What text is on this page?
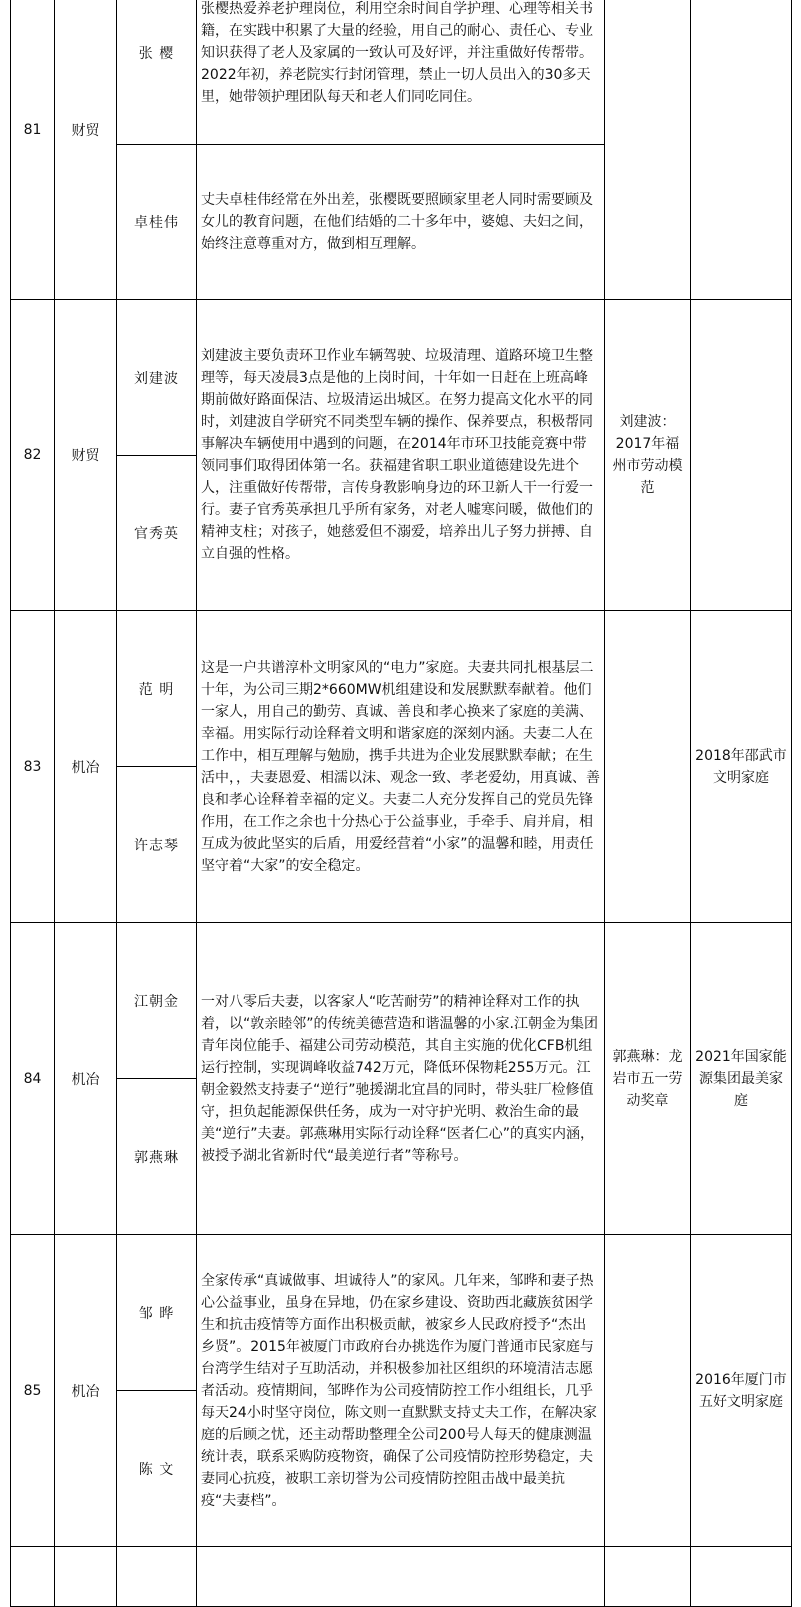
81	财贸	张 樱	张樱热爱养老护理岗位，利用空余时间自学护理、心理等相关书籍，在实践中积累了大量的经验，用自己的耐心、责任心、专业知识获得了老人及家属的一致认可及好评，并注重做好传帮带。2022年初，养老院实行封闭管理，禁止一切人员出入的30多天里，她带领护理团队每天和老人们同吃同住。		
		卓桂伟	丈夫卓桂伟经常在外出差，张樱既要照顾家里老人同时需要顾及女儿的教育问题，在他们结婚的二十多年中，婆媳、夫妇之间，始终注意尊重对方，做到相互理解。		
82	财贸	刘建波	刘建波主要负责环卫作业车辆驾驶、垃圾清理、道路环境卫生整理等，每天凌晨3点是他的上岗时间，十年如一日赶在上班高峰期前做好路面保洁、垃圾清运出城区。在努力提高文化水平的同时，刘建波自学研究不同类型车辆的操作、保养要点，积极帮同事解决车辆使用中遇到的问题，在2014年市环卫技能竞赛中带领同事们取得团体第一名。获福建省职工职业道德建设先进个人，注重做好传帮带，言传身教影响身边的环卫新人干一行爱一行。妻子官秀英承担几乎所有家务，对老人嘘寒问暖，做他们的精神支柱；对孩子，她慈爱但不溺爱，培养出儿子努力拼搏、自立自强的性格。	刘建波：2017年福州市劳动模范	
		官秀英			
83	机冶	范 明	这是一户共谱淳朴文明家风的“电力”家庭。夫妻共同扎根基层二十年，为公司三期2*660MW机组建设和发展默默奉献着。他们一家人，用自己的勤劳、真诚、善良和孝心换来了家庭的美满、幸福。用实际行动诠释着文明和谐家庭的深刻内涵。夫妻二人在工作中，相互理解与勉励，携手共进为企业发展默默奉献；在生活中，，夫妻恩爱、相濡以沫、观念一致、孝老爱幼，用真诚、善良和孝心诠释着幸福的定义。夫妻二人充分发挥自己的党员先锋作用，在工作之余也十分热心于公益事业，手牵手、肩并肩，相互成为彼此坚实的后盾，用爱经营着“小家”的温馨和睦，用责任坚守着“大家”的安全稳定。		2018年邵武市文明家庭
		许志琴			
84	机冶	江朝金	一对八零后夫妻，以客家人“吃苦耐劳”的精神诠释对工作的执着，以“敦亲睦邻”的传统美德营造和谐温馨的小家.江朝金为集团青年岗位能手、福建公司劳动模范，其自主实施的优化CFB机组运行控制，实现调峰收益742万元，降低环保物耗255万元。江朝金毅然支持妻子“逆行”驰援湖北宜昌的同时，带头驻厂检修值守，担负起能源保供任务，成为一对守护光明、救治生命的最美“逆行”夫妻。郭燕琳用实际行动诠释“医者仁心”的真实内涵，被授予湖北省新时代“最美逆行者”等称号。	郭燕琳：龙岩市五一劳动奖章	2021年国家能源集团最美家庭
		郭燕琳			
85	机冶	邹 晔	全家传承“真诚做事、坦诚待人”的家风。几年来，邹晔和妻子热心公益事业，虽身在异地，仍在家乡建设、资助西北藏族贫困学生和抗击疫情等方面作出积极贡献，被家乡人民政府授予“杰出乡贤”。2015年被厦门市政府台办挑选作为厦门普通市民家庭与台湾学生结对子互助活动，并积极参加社区组织的环境清洁志愿者活动。疫情期间，邹晔作为公司疫情防控工作小组组长，几乎每天24小时坚守岗位，陈文则一直默默支持丈夫工作，在解决家庭的后顾之忧，还主动帮助整理全公司200号人每天的健康测温统计表，联系采购防疫物资，确保了公司疫情防控形势稳定，夫妻同心抗疫，被职工亲切誉为公司疫情防控阻击战中最美抗疫“夫妻档”。		2016年厦门市五好文明家庭
		陈 文			
